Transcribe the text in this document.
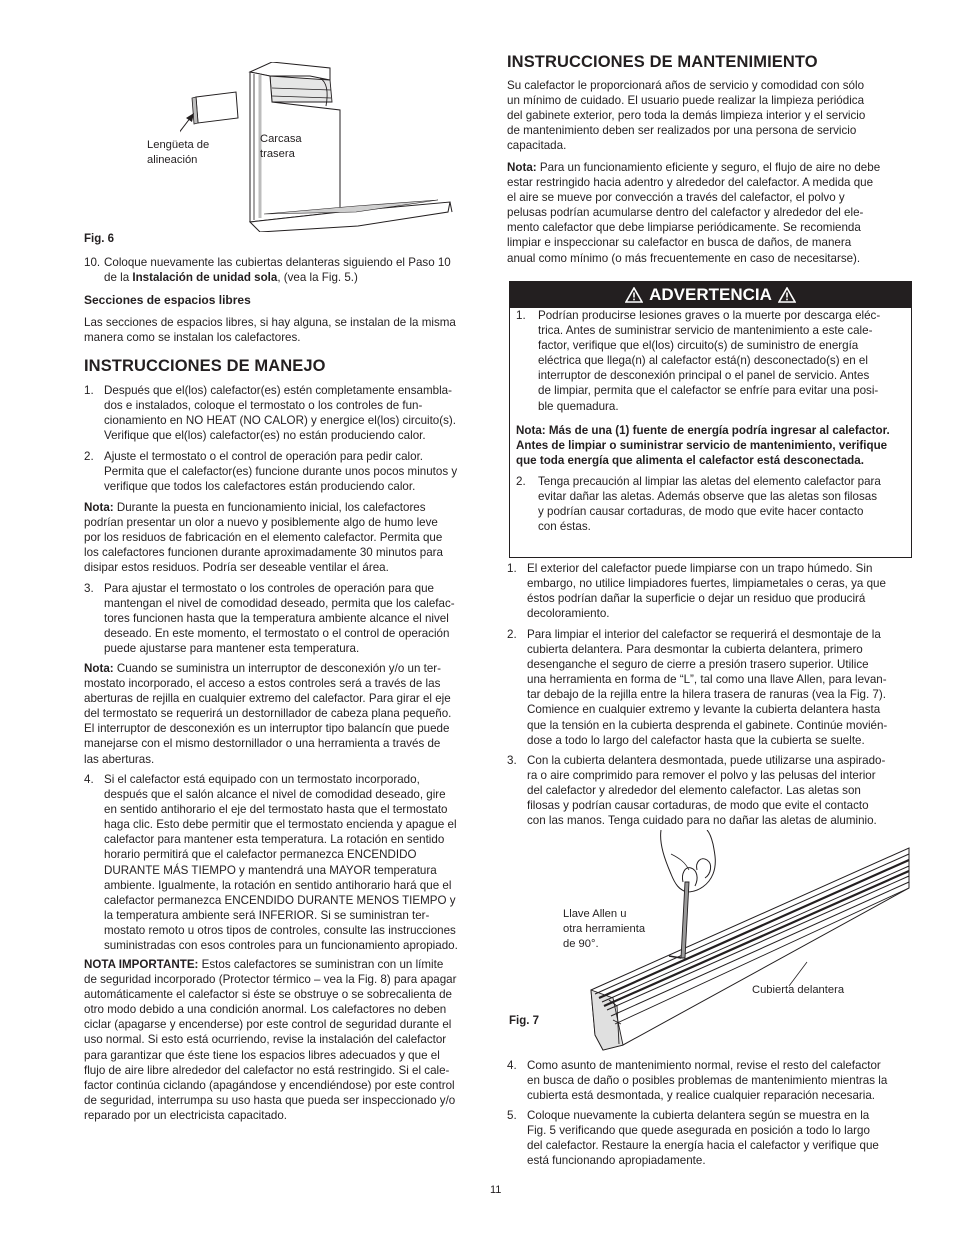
Lengüeta de
alineación
Carcasa
trasera
Fig. 6
10. Coloque nuevamente las cubiertas delanteras siguiendo el Paso 10
de la Instalación de unidad sola, (vea la Fig. 5.)
Secciones de espacios libres
Las secciones de espacios libres, si hay alguna, se instalan de la misma
manera como se instalan los calefactores.
INSTRUCCIONES DE MANEJO
1. Después que el(los) calefactor(es) estén completamente ensambla-
dos e instalados, coloque el termostato o los controles de fun-
cionamiento en NO HEAT (NO CALOR) y energice el(los) circuito(s).
Verifique que el(los) calefactor(es) no están produciendo calor.
2. Ajuste el termostato o el control de operación para pedir calor.
Permita que el calefactor(es) funcione durante unos pocos minutos y
verifique que todos los calefactores están produciendo calor.
Nota: Durante la puesta en funcionamiento inicial, los calefactores
podrían presentar un olor a nuevo y posiblemente algo de humo leve
por los residuos de fabricación en el elemento calefactor. Permita que
los calefactores funcionen durante aproximadamente 30 minutos para
disipar estos residuos. Podría ser deseable ventilar el área.
3. Para ajustar el termostato o los controles de operación para que
mantengan el nivel de comodidad deseado, permita que los calefac-
tores funcionen hasta que la temperatura ambiente alcance el nivel
deseado. En este momento, el termostato o el control de operación
puede ajustarse para mantener esta temperatura.
Nota: Cuando se suministra un interruptor de desconexión y/o un ter-
mostato incorporado, el acceso a estos controles será a través de las
aberturas de rejilla en cualquier extremo del calefactor. Para girar el eje
del termostato se requerirá un destornillador de cabeza plana pequeño.
El interruptor de desconexión es un interruptor tipo balancín que puede
manejarse con el mismo destornillador o una herramienta a través de
las aberturas.
4. Si el calefactor está equipado con un termostato incorporado,
después que el salón alcance el nivel de comodidad deseado, gire
en sentido antihorario el eje del termostato hasta que el termostato
haga clic. Esto debe permitir que el termostato encienda y apague el
calefactor para mantener esta temperatura. La rotación en sentido
horario permitirá que el calefactor permanezca ENCENDIDO
DURANTE MÁS TIEMPO y mantendrá una MAYOR temperatura
ambiente. Igualmente, la rotación en sentido antihorario hará que el
calefactor permanezca ENCENDIDO DURANTE MENOS TIEMPO y
la temperatura ambiente será INFERIOR. Si se suministran ter-
mostato remoto u otros tipos de controles, consulte las instrucciones
suministradas con esos controles para un funcionamiento apropiado.
NOTA IMPORTANTE: Estos calefactores se suministran con un límite
de seguridad incorporado (Protector térmico – vea la Fig. 8) para apagar
automáticamente el calefactor si éste se obstruye o se sobrecalienta de
otro modo debido a una condición anormal. Los calefactores no deben
ciclar (apagarse y encenderse) por este control de seguridad durante el
uso normal. Si esto está ocurriendo, revise la instalación del calefactor
para garantizar que éste tiene los espacios libres adecuados y que el
flujo de aire libre alrededor del calefactor no está restringido. Si el cale-
factor continúa ciclando (apagándose y encendiéndose) por este control
de seguridad, interrumpa su uso hasta que pueda ser inspeccionado y/o
reparado por un electricista capacitado.
INSTRUCCIONES DE MANTENIMIENTO
Su calefactor le proporcionará años de servicio y comodidad con sólo
un mínimo de cuidado. El usuario puede realizar la limpieza periódica
del gabinete exterior, pero toda la demás limpieza interior y el servicio
de mantenimiento deben ser realizados por una persona de servicio
capacitada.
Nota: Para un funcionamiento eficiente y seguro, el flujo de aire no debe
estar restringido hacia adentro y alrededor del calefactor. A medida que
el aire se mueve por convección a través del calefactor, el polvo y
pelusas podrían acumularse dentro del calefactor y alrededor del ele-
mento calefactor que debe limpiarse periódicamente. Se recomienda
limpiar e inspeccionar su calefactor en busca de daños, de manera
anual como mínimo (o más frecuentemente en caso de necesitarse).
ADVERTENCIA
1. Podrían producirse lesiones graves o la muerte por descarga eléc-
trica. Antes de suministrar servicio de mantenimiento a este cale-
factor, verifique que el(los) circuito(s) de suministro de energía
eléctrica que llega(n) al calefactor está(n) desconectado(s) en el
interruptor de desconexión principal o el panel de servicio. Antes
de limpiar, permita que el calefactor se enfríe para evitar una posi-
ble quemadura.
Nota: Más de una (1) fuente de energía podría ingresar al calefactor.
Antes de limpiar o suministrar servicio de mantenimiento, verifique
que toda energía que alimenta el calefactor está desconectada.
2. Tenga precaución al limpiar las aletas del elemento calefactor para
evitar dañar las aletas. Además observe que las aletas son filosas
y podrían causar cortaduras, de modo que evite hacer contacto
con éstas.
1. El exterior del calefactor puede limpiarse con un trapo húmedo. Sin
embargo, no utilice limpiadores fuertes, limpiametales o ceras, ya que
éstos podrían dañar la superficie o dejar un residuo que producirá
decoloramiento.
2. Para limpiar el interior del calefactor se requerirá el desmontaje de la
cubierta delantera. Para desmontar la cubierta delantera, primero
desenganche el seguro de cierre a presión trasero superior. Utilice
una herramienta en forma de “L”, tal como una llave Allen, para levan-
tar debajo de la rejilla entre la hilera trasera de ranuras (vea la Fig. 7).
Comience en cualquier extremo y levante la cubierta delantera hasta
que la tensión en la cubierta desprenda el gabinete. Continúe movién-
dose a todo lo largo del calefactor hasta que la cubierta se suelte.
3. Con la cubierta delantera desmontada, puede utilizarse una aspirado-
ra o aire comprimido para remover el polvo y las pelusas del interior
del calefactor y alrededor del elemento calefactor. Las aletas son
filosas y podrían causar cortaduras, de modo que evite el contacto
con las manos. Tenga cuidado para no dañar las aletas de aluminio.
Llave Allen u
otra herramienta
de 90°.
Cubierta delantera
Fig. 7
4. Como asunto de mantenimiento normal, revise el resto del calefactor
en busca de daño o posibles problemas de mantenimiento mientras la
cubierta está desmontada, y realice cualquier reparación necesaria.
5. Coloque nuevamente la cubierta delantera según se muestra en la
Fig. 5 verificando que quede asegurada en posición a todo lo largo
del calefactor. Restaure la energía hacia el calefactor y verifique que
está funcionando apropiadamente.
11
